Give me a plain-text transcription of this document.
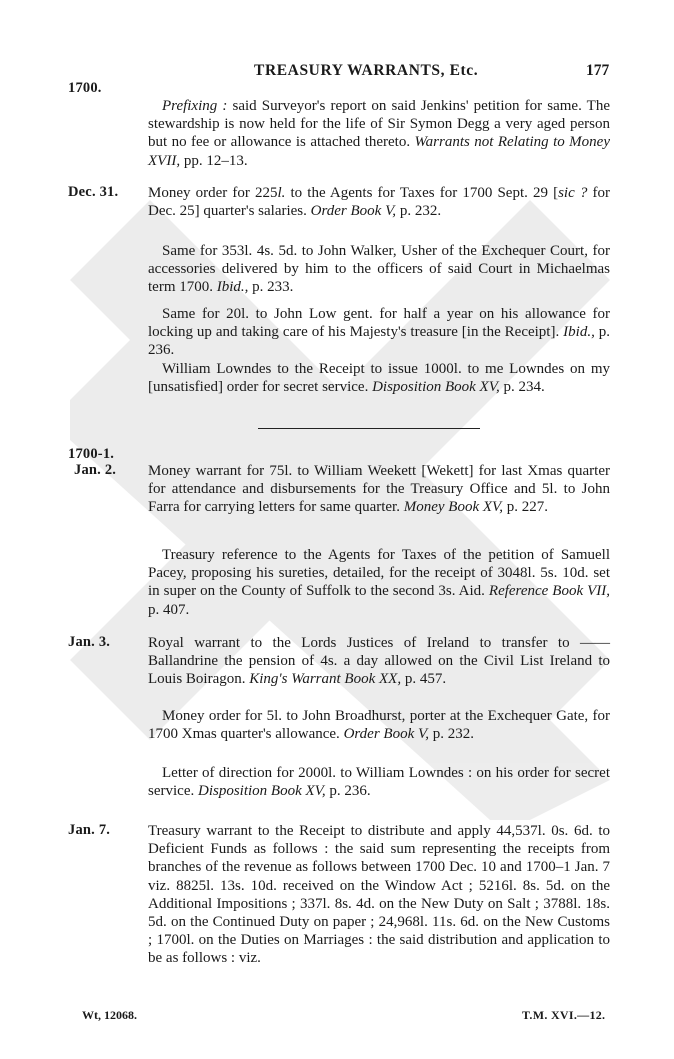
TREASURY WARRANTS, Etc.	177
1700.
Prefixing : said Surveyor's report on said Jenkins' petition for same. The stewardship is now held for the life of Sir Symon Degg a very aged person but no fee or allowance is attached thereto. Warrants not Relating to Money XVII, pp. 12–13.
Dec. 31. Money order for 225l. to the Agents for Taxes for 1700 Sept. 29 [sic ? for Dec. 25] quarter's salaries. Order Book V, p. 232.
Same for 353l. 4s. 5d. to John Walker, Usher of the Exchequer Court, for accessories delivered by him to the officers of said Court in Michaelmas term 1700. Ibid., p. 233.
Same for 20l. to John Low gent. for half a year on his allowance for locking up and taking care of his Majesty's treasure [in the Receipt]. Ibid., p. 236.
William Lowndes to the Receipt to issue 1000l. to me Lowndes on my [unsatisfied] order for secret service. Disposition Book XV, p. 234.
1700-1.
Jan. 2. Money warrant for 75l. to William Weekett [Wekett] for last Xmas quarter for attendance and disbursements for the Treasury Office and 5l. to John Farra for carrying letters for same quarter. Money Book XV, p. 227.
Treasury reference to the Agents for Taxes of the petition of Samuell Pacey, proposing his sureties, detailed, for the receipt of 3048l. 5s. 10d. set in super on the County of Suffolk to the second 3s. Aid. Reference Book VII, p. 407.
Jan. 3.	Royal warrant to the Lords Justices of Ireland to transfer to —— Ballandrine the pension of 4s. a day allowed on the Civil List Ireland to Louis Boiragon. King's Warrant Book XX, p. 457.
Money order for 5l. to John Broadhurst, porter at the Exchequer Gate, for 1700 Xmas quarter's allowance. Order Book V, p. 232.
Letter of direction for 2000l. to William Lowndes : on his order for secret service. Disposition Book XV, p. 236.
Jan. 7.	Treasury warrant to the Receipt to distribute and apply 44,537l. 0s. 6d. to Deficient Funds as follows : the said sum representing the receipts from branches of the revenue as follows between 1700 Dec. 10 and 1700–1 Jan. 7 viz. 8825l. 13s. 10d. received on the Window Act ; 5216l. 8s. 5d. on the Additional Impositions ; 337l. 8s. 4d. on the New Duty on Salt ; 3788l. 18s. 5d. on the Continued Duty on paper ; 24,968l. 11s. 6d. on the New Customs ; 1700l. on the Duties on Marriages : the said distribution and application to be as follows : viz.
Wt, 12068.	T.M. XVI.—12.
